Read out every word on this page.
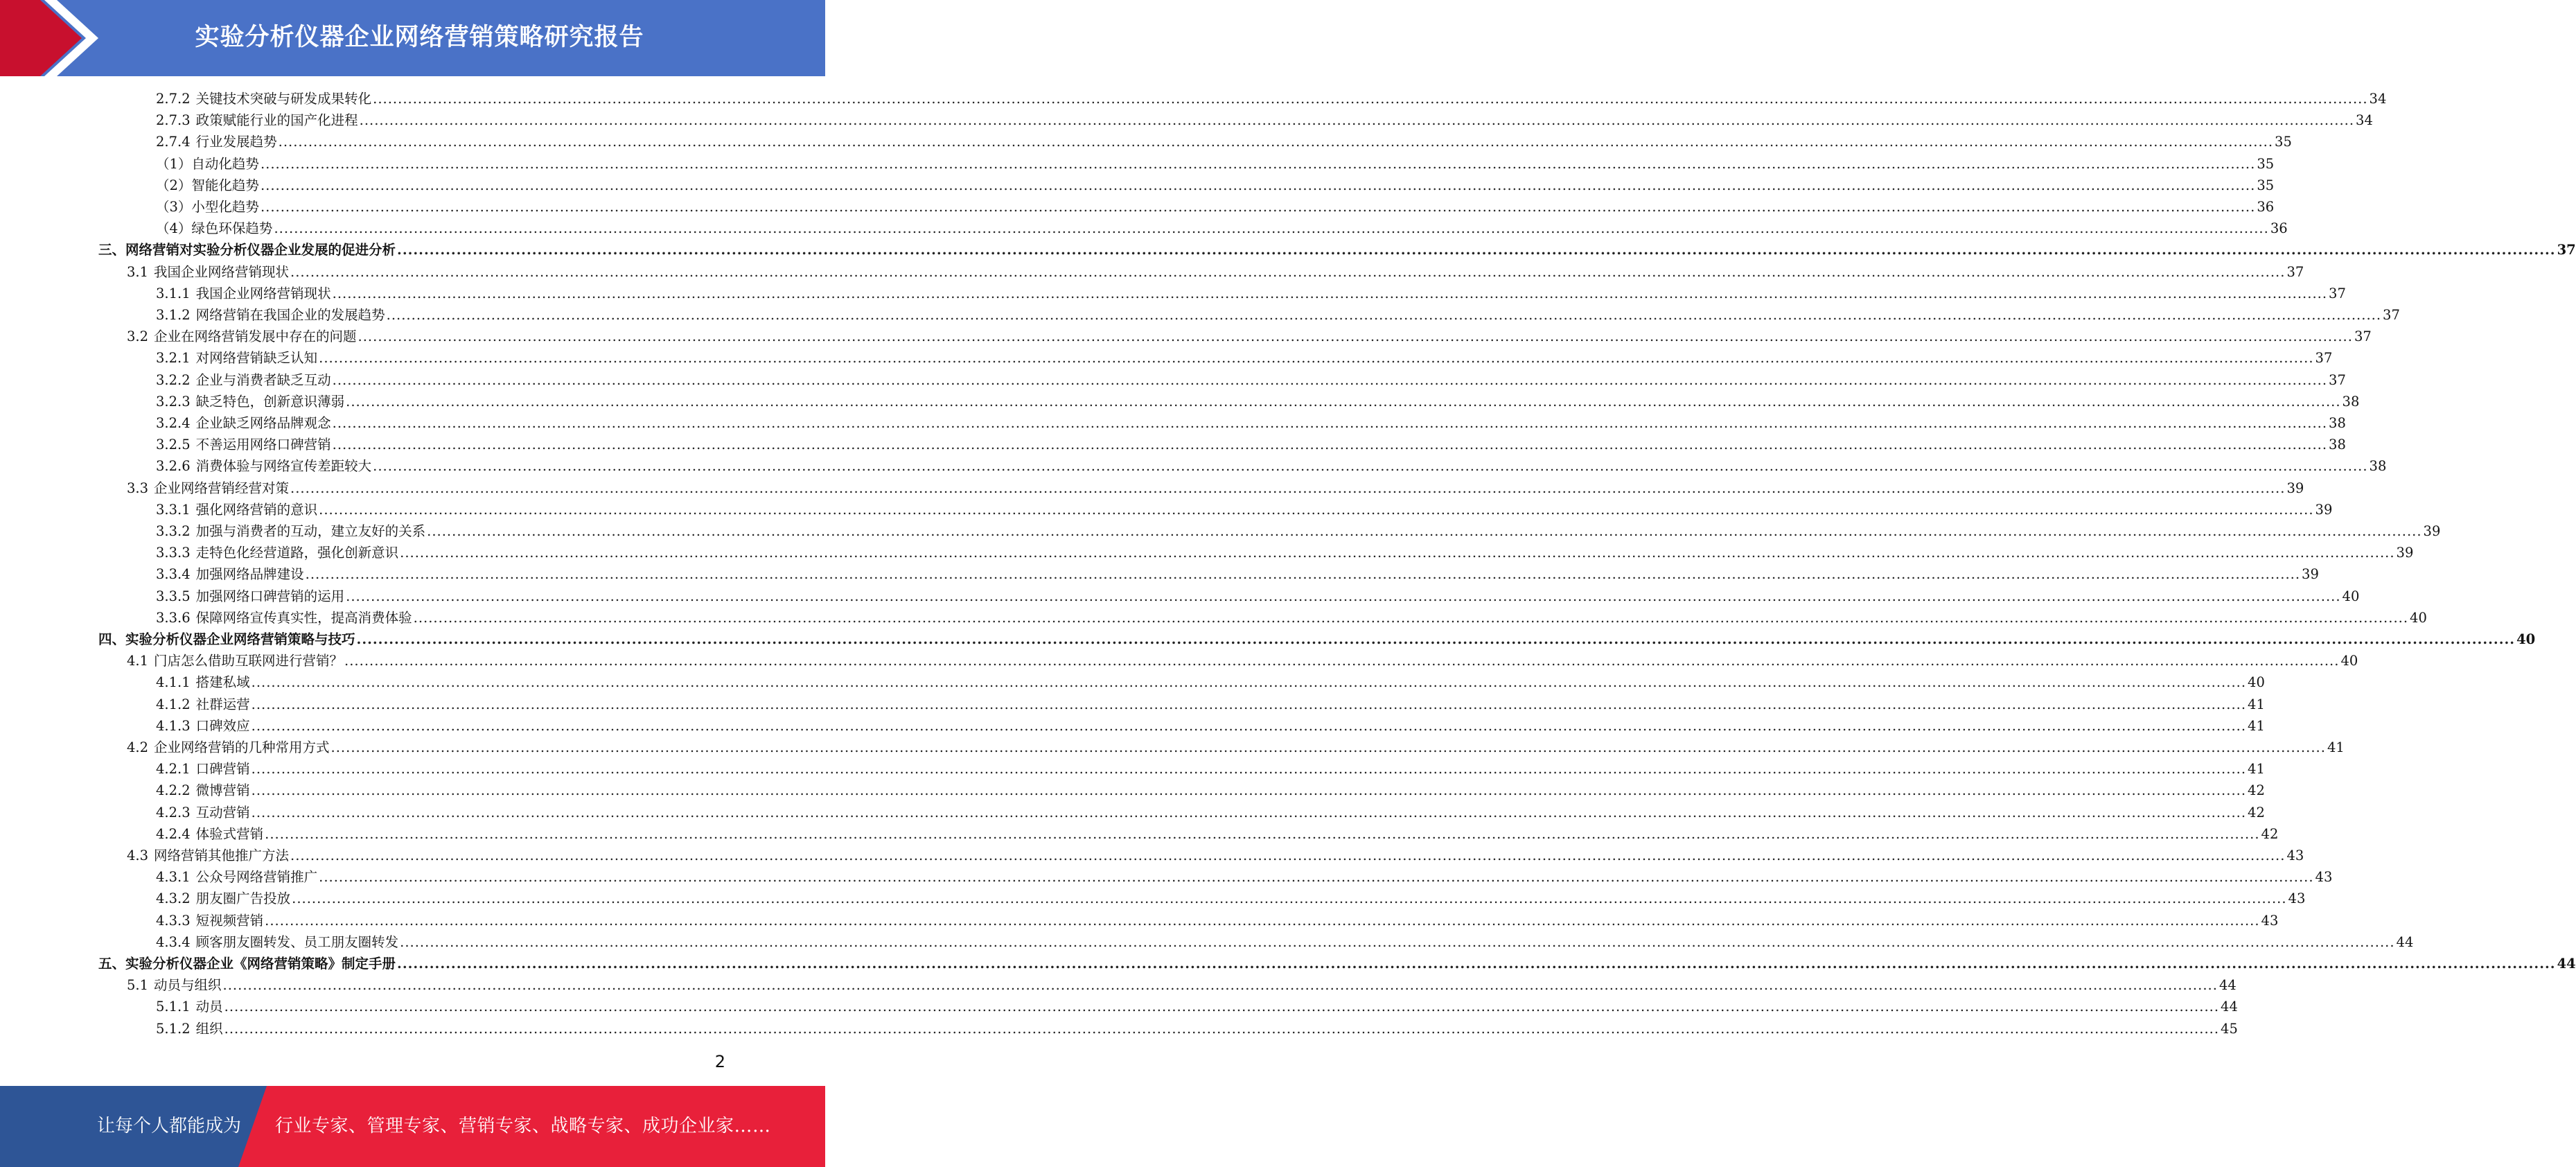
实验分析仪器企业网络营销策略研究报告
2.7.2 关键技术突破与研发成果转化 ................................................................................................................................................................................................................................................................................................................................................................................................................ 34
2.7.3 政策赋能行业的国产化进程 ................................................................................................................................................................................................................................................................................................................................................................................................................ 34
2.7.4 行业发展趋势 ................................................................................................................................................................................................................................................................................................................................................................................................................ 35
（1） 自动化趋势 ................................................................................................................................................................................................................................................................................................................................................................................................................ 35
（2） 智能化趋势 ................................................................................................................................................................................................................................................................................................................................................................................................................ 35
（3） 小型化趋势 ................................................................................................................................................................................................................................................................................................................................................................................................................ 36
（4） 绿色环保趋势 ................................................................................................................................................................................................................................................................................................................................................................................................................ 36
三、 网络营销对实验分析仪器企业发展的促进分析 ................................................................................................................................................................................................................................................................................................................................................................................................................ 37
3.1 我国企业网络营销现状 ................................................................................................................................................................................................................................................................................................................................................................................................................ 37
3.1.1 我国企业网络营销现状 ................................................................................................................................................................................................................................................................................................................................................................................................................ 37
3.1.2 网络营销在我国企业的发展趋势 ................................................................................................................................................................................................................................................................................................................................................................................................................ 37
3.2 企业在网络营销发展中存在的问题 ................................................................................................................................................................................................................................................................................................................................................................................................................ 37
3.2.1 对网络营销缺乏认知 ................................................................................................................................................................................................................................................................................................................................................................................................................ 37
3.2.2 企业与消费者缺乏互动 ................................................................................................................................................................................................................................................................................................................................................................................................................ 37
3.2.3 缺乏特色，创新意识薄弱 ................................................................................................................................................................................................................................................................................................................................................................................................................ 38
3.2.4 企业缺乏网络品牌观念 ................................................................................................................................................................................................................................................................................................................................................................................................................ 38
3.2.5 不善运用网络口碑营销 ................................................................................................................................................................................................................................................................................................................................................................................................................ 38
3.2.6 消费体验与网络宣传差距较大 ................................................................................................................................................................................................................................................................................................................................................................................................................ 38
3.3 企业网络营销经营对策 ................................................................................................................................................................................................................................................................................................................................................................................................................ 39
3.3.1 强化网络营销的意识 ................................................................................................................................................................................................................................................................................................................................................................................................................ 39
3.3.2 加强与消费者的互动，建立友好的关系 ................................................................................................................................................................................................................................................................................................................................................................................................................ 39
3.3.3 走特色化经营道路，强化创新意识 ................................................................................................................................................................................................................................................................................................................................................................................................................ 39
3.3.4 加强网络品牌建设 ................................................................................................................................................................................................................................................................................................................................................................................................................ 39
3.3.5 加强网络口碑营销的运用 ................................................................................................................................................................................................................................................................................................................................................................................................................ 40
3.3.6 保障网络宣传真实性，提高消费体验 ................................................................................................................................................................................................................................................................................................................................................................................................................ 40
四、 实验分析仪器企业网络营销策略与技巧 ................................................................................................................................................................................................................................................................................................................................................................................................................ 40
4.1 门店怎么借助互联网进行营销？ ................................................................................................................................................................................................................................................................................................................................................................................................................ 40
4.1.1 搭建私域 ................................................................................................................................................................................................................................................................................................................................................................................................................ 40
4.1.2 社群运营 ................................................................................................................................................................................................................................................................................................................................................................................................................ 41
4.1.3 口碑效应 ................................................................................................................................................................................................................................................................................................................................................................................................................ 41
4.2 企业网络营销的几种常用方式 ................................................................................................................................................................................................................................................................................................................................................................................................................ 41
4.2.1 口碑营销 ................................................................................................................................................................................................................................................................................................................................................................................................................ 41
4.2.2 微博营销 ................................................................................................................................................................................................................................................................................................................................................................................................................ 42
4.2.3 互动营销 ................................................................................................................................................................................................................................................................................................................................................................................................................ 42
4.2.4 体验式营销 ................................................................................................................................................................................................................................................................................................................................................................................................................ 42
4.3 网络营销其他推广方法 ................................................................................................................................................................................................................................................................................................................................................................................................................ 43
4.3.1 公众号网络营销推广 ................................................................................................................................................................................................................................................................................................................................................................................................................ 43
4.3.2 朋友圈广告投放 ................................................................................................................................................................................................................................................................................................................................................................................................................ 43
4.3.3 短视频营销 ................................................................................................................................................................................................................................................................................................................................................................................................................ 43
4.3.4 顾客朋友圈转发、员工朋友圈转发 ................................................................................................................................................................................................................................................................................................................................................................................................................ 44
五、 实验分析仪器企业《网络营销策略》制定手册 ................................................................................................................................................................................................................................................................................................................................................................................................................ 44
5.1 动员与组织 ................................................................................................................................................................................................................................................................................................................................................................................................................ 44
5.1.1 动员 ................................................................................................................................................................................................................................................................................................................................................................................................................ 44
5.1.2 组织 ................................................................................................................................................................................................................................................................................................................................................................................................................ 45
2
让每个人都能成为 行业专家、管理专家、营销专家、战略专家、成功企业家……
